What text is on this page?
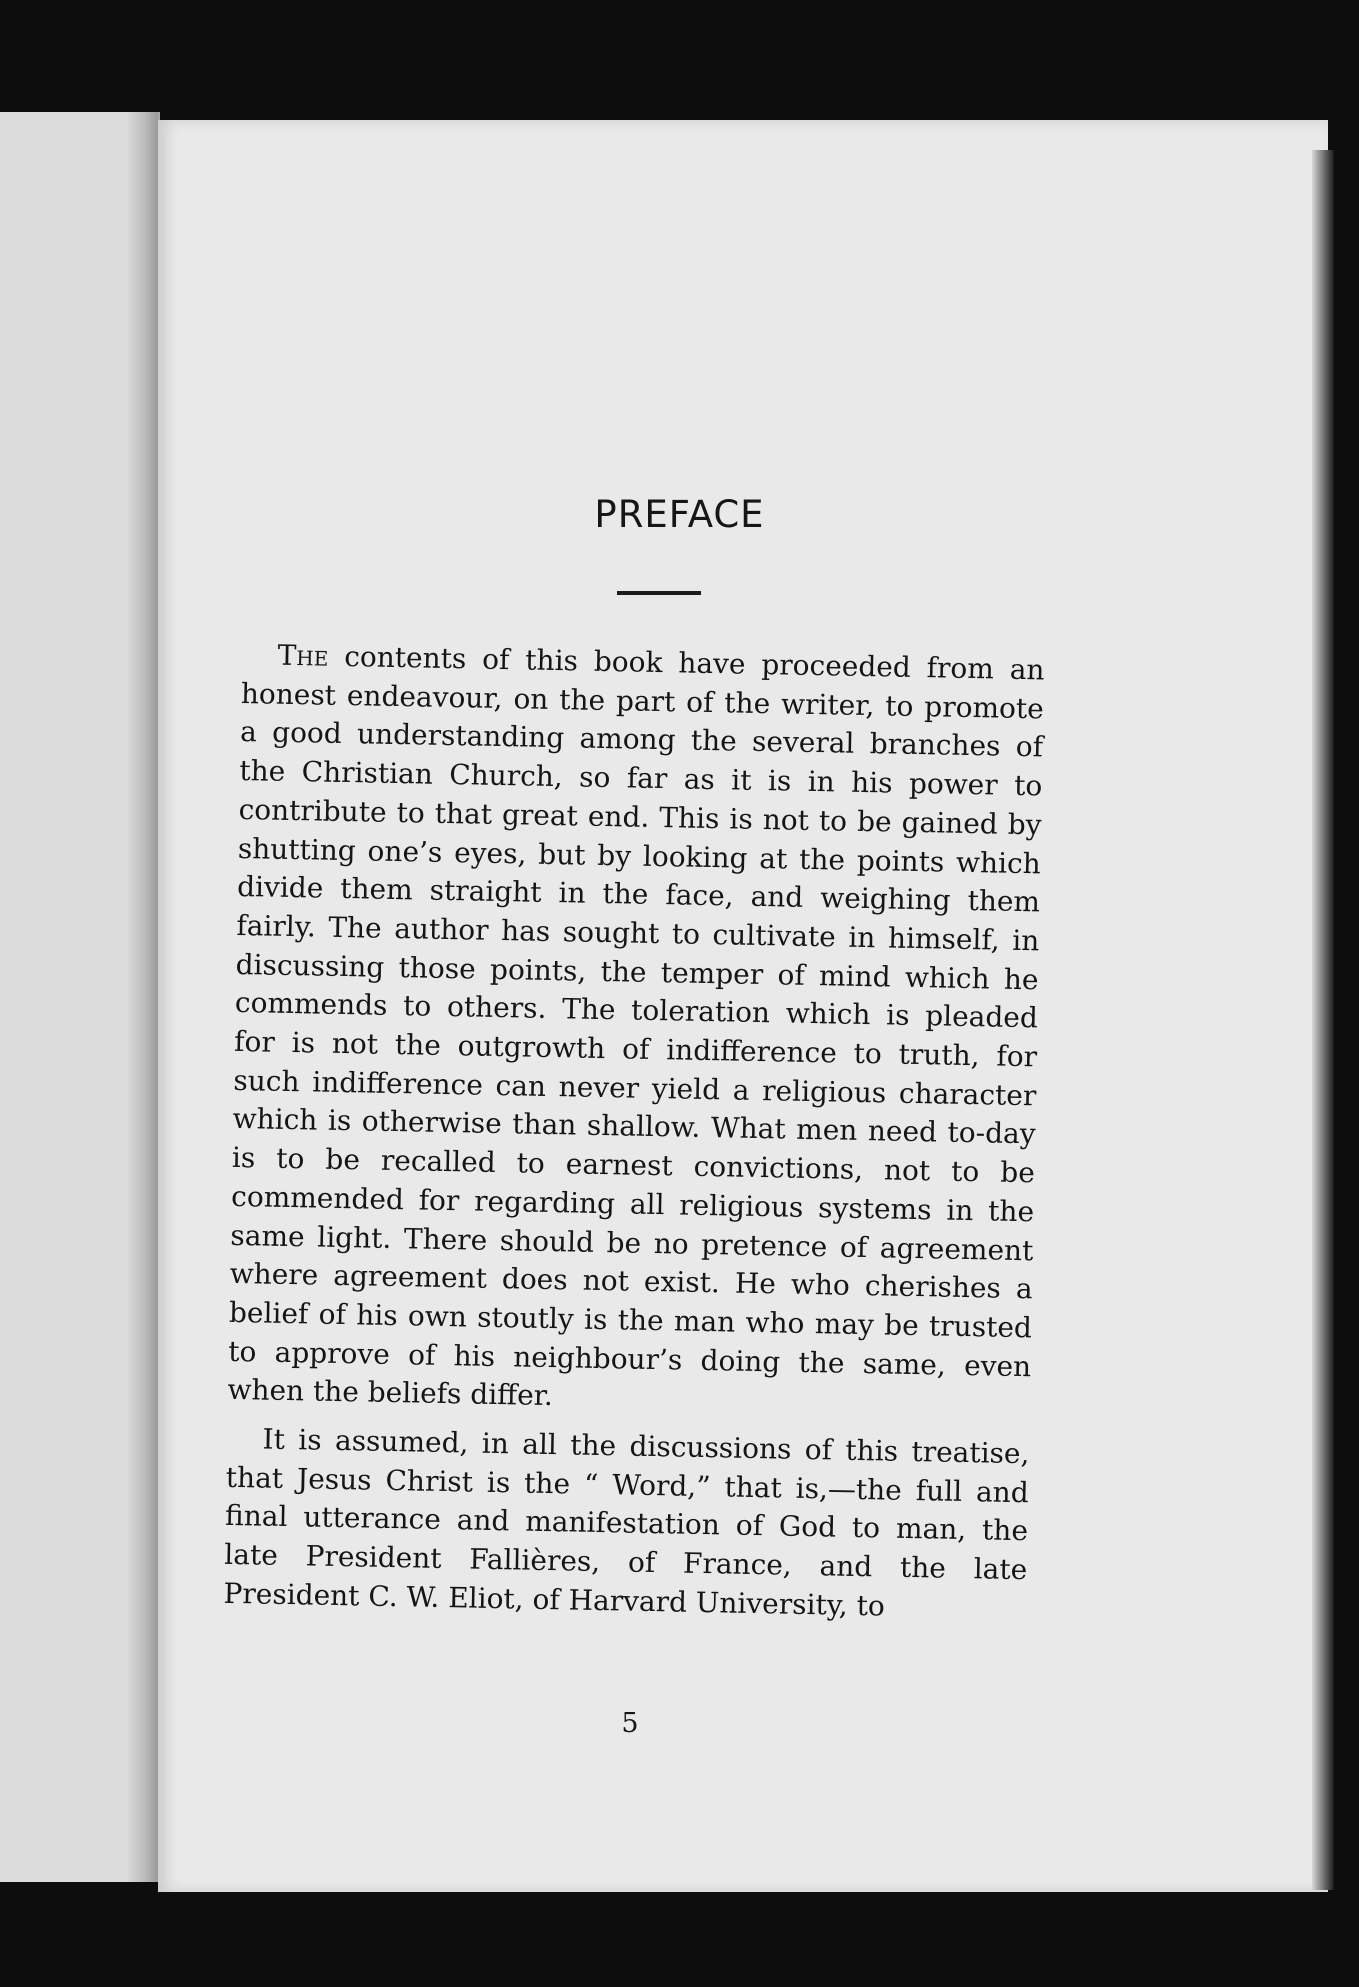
PREFACE

The contents of this book have proceeded from an honest endeavour, on the part of the writer, to promote a good understanding among the several branches of the Christian Church, so far as it is in his power to contribute to that great end. This is not to be gained by shutting one’s eyes, but by looking at the points which divide them straight in the face, and weighing them fairly. The author has sought to cultivate in himself, in discussing those points, the temper of mind which he commends to others. The toleration which is pleaded for is not the outgrowth of indifference to truth, for such indifference can never yield a religious character which is otherwise than shallow. What men need to-day is to be recalled to earnest convictions, not to be commended for regarding all religious systems in the same light. There should be no pretence of agreement where agreement does not exist. He who cherishes a belief of his own stoutly is the man who may be trusted to approve of his neighbour’s doing the same, even when the beliefs differ.

It is assumed, in all the discussions of this treatise, that Jesus Christ is the “ Word,” that is,—the full and final utterance and manifestation of God to man, the late President Fallières, of France, and the late President C. W. Eliot, of Harvard University, to

5
